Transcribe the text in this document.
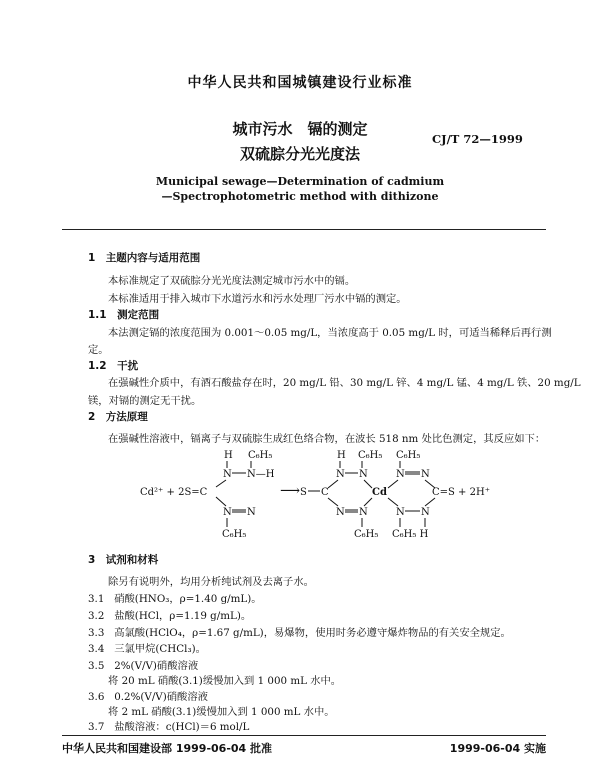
中华人民共和国城镇建设行业标准
城市污水　镉的测定
双硫腙分光光度法
CJ/T 72—1999
Municipal sewage—Determination of cadmium
—Spectrophotometric method with dithizone
1　主题内容与适用范围
本标准规定了双硫腙分光光度法测定城市污水中的镉。
本标准适用于排入城市下水道污水和污水处理厂污水中镉的测定。
1.1　测定范围
本法测定镉的浓度范围为 0.001～0.05 mg/L，当浓度高于 0.05 mg/L 时，可适当稀释后再行测
定。
1.2　干扰
在强碱性介质中，有酒石酸盐存在时，20 mg/L 铅、30 mg/L 锌、4 mg/L 锰、4 mg/L 铁、20 mg/L
镁，对镉的测定无干扰。
2　方法原理
在强碱性溶液中，镉离子与双硫腙生成红色络合物，在波长 518 nm 处比色测定，其反应如下：
H C₆H₅
N N—H
Cd²⁺ + 2S=C
N N
C₆H₅
⟶
H C₆H₅ C₆H₅
N N	N N
S C	Cd	C=S + 2H⁺
N N	N N
C₆H₅ C₆H₅ H
3　试剂和材料
除另有说明外，均用分析纯试剂及去离子水。
3.1 硝酸(HNO₃，ρ=1.40 g/mL)。
3.2 盐酸(HCl，ρ=1.19 g/mL)。
3.3 高氯酸(HClO₄，ρ=1.67 g/mL)，易爆物，使用时务必遵守爆炸物品的有关安全规定。
3.4 三氯甲烷(CHCl₃)。
3.5 2%(V/V)硝酸溶液
将 20 mL 硝酸(3.1)缓慢加入到 1 000 mL 水中。
3.6 0.2%(V/V)硝酸溶液
将 2 mL 硝酸(3.1)缓慢加入到 1 000 mL 水中。
3.7 盐酸溶液：c(HCl)＝6 mol/L
中华人民共和国建设部 1999-06-04 批准	1999-06-04 实施
